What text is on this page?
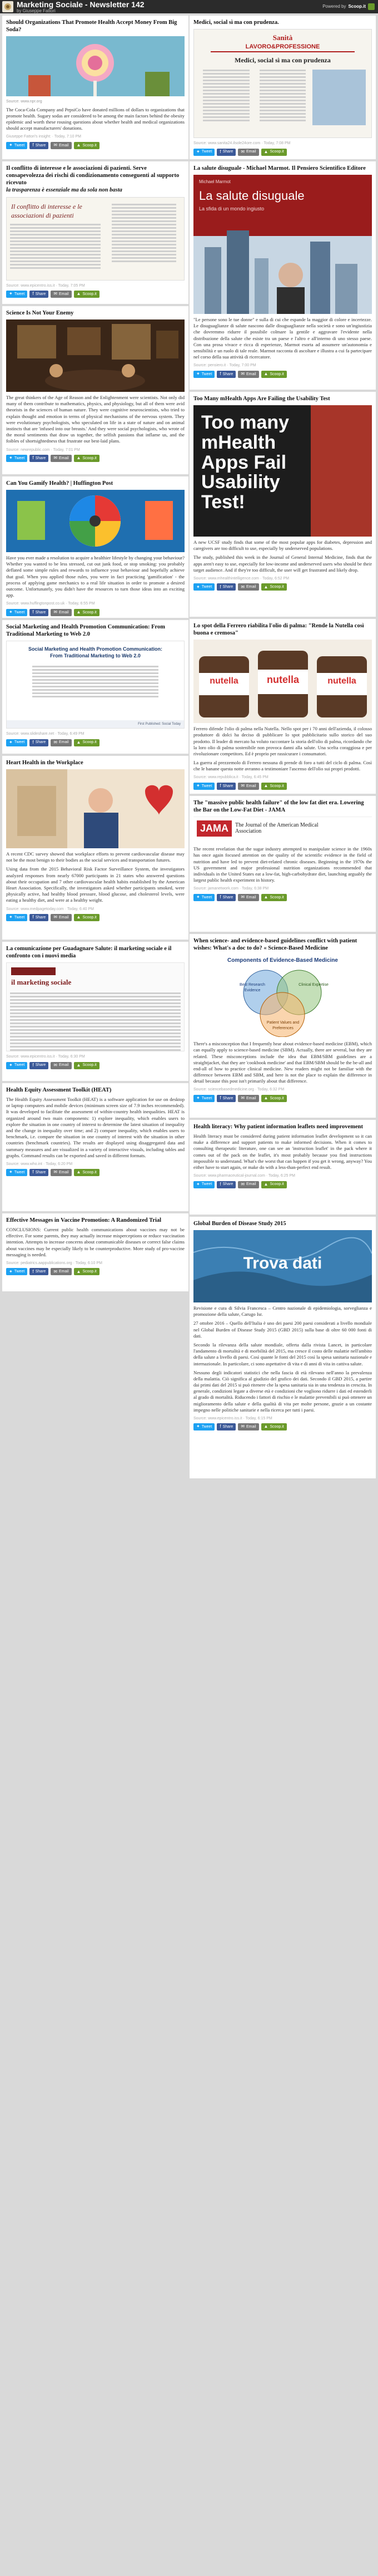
Marketing Sociale - Newsletter 142
by Giuseppe Fattori
Powered by Scoop.it
Should Organizations That Promote Health Accept Money From Big Soda?
Source: www.npr.org

The Coca-Cola Company and PepsiCo have donated millions of dollars to organizations that promote health. Sugary sodas are considered to be among the main factors behind the obesity epidemic and worth these rousing questions about whether health and medical organizations should accept manufacturers' donations.

Giuseppe Fattori's insight: · Today, 7:10 PM
✦ Tweet f Share ✉ Email ▲ Scoop.it
Il conflitto di interesse e le associazioni di pazienti. Serve consapevolezza dei rischi di condizionamento conseguenti al supporto ricevuto
la trasparenza è essenziale ma da sola non basta
Il conflitto di interesse e le associazioni di pazienti
Source: www.epicentro.iss.it · Today, 7:05 PM
✦ Tweet f Share ✉ Email ▲ Scoop.it
Science Is Not Your Enemy

The great thinkers of the Age of Reason and the Enlightenment were scientists. Not only did many of them contribute to mathematics, physics, and physiology, but all of them were avid theorists in the sciences of human nature. They were cognitive neuroscientists, who tried to explain thought and emotion in terms of physical mechanisms of the nervous system. They were evolutionary psychologists, who speculated on life in a state of nature and on animal instincts that are 'infused into our breasts.' And they were social psychologists, who wrote of the moral sentiments that draw us together, the selfish passions that inflame us, and the foibles of shortsightedness that frustrate our best-laid plans.

Source: newrepublic.com · Today, 7:01 PM
✦ Tweet f Share ✉ Email ▲ Scoop.it
Can You Gamify Health? | Huffington Post

Have you ever made a resolution to acquire a healthier lifestyle by changing your behaviour? Whether you wanted to be less stressed, cut out junk food, or stop smoking: you probably deflated some simple rules and rewards to influence your behaviour and hopefully achieve that goal. When you applied those rules, you were in fact practicing 'gamification' - the process of applying game mechanics to a real life situation in order to promote a desired outcome. Unfortunately, you didn't have the resources to turn those ideas into an exciting app.

Source: www.huffingtonpost.co.uk · Today, 6:55 PM
✦ Tweet f Share ✉ Email ▲ Scoop.it
Social Marketing and Health Promotion Communication: From Traditional Marketing to Web 2.0
Social Marketing and Health Promotion Communication: From Traditional Marketing to Web 2.0
First Published: Social Today
Source: www.slideshare.net · Today, 6:49 PM
✦ Tweet f Share ✉ Email ▲ Scoop.it
Heart Health in the Workplace

A recent CDC survey showed that workplace efforts to prevent cardiovascular disease may not be the most benign to their bodies as the social services and transportation futures.

Using data from the 2015 Behavioral Risk Factor Surveillance System, the investigators analyzed responses from nearly 67000 participants in 21 states who answered questions about their occupation and 7 other cardiovascular health habits established by the American Heart Association. Specifically, the investigators asked whether participants smoked, were physically active, had healthy blood pressure, blood glucose, and cholesterol levels, were eating a healthy diet, and were at a healthy weight.

Source: www.medpagetoday.com · Today, 6:40 PM
✦ Tweet f Share ✉ Email ▲ Scoop.it
La comunicazione per Guadagnare Salute: il marketing sociale e il confronto con i nuovi media
il marketing sociale
Source: www.epicentro.iss.it · Today, 6:30 PM
✦ Tweet f Share ✉ Email ▲ Scoop.it
Health Equity Assessment Toolkit (HEAT)

The Health Equity Assessment Toolkit (HEAT) is a software application for use on desktop or laptop computers and mobile devices (minimum screen size of 7.9 inches recommended). It was developed to facilitate the assessment of within-country health inequalities. HEAT is organized around two main components: 1) explore inequality, which enables users to explore the situation in one country of interest to determine the latest situation of inequality and the change in inequality over time; and 2) compare inequality, which enables users to benchmark, i.e. compare the situation in one country of interest with the situation in other countries (benchmark countries). The results are displayed using disaggregated data and summary measures and are visualized in a variety of interactive visuals, including tables and graphs. Command results can be exported and saved in different formats.

Source: www.who.int · Today, 6:20 PM
✦ Tweet f Share ✉ Email ▲ Scoop.it
Effective Messages in Vaccine Promotion: A Randomized Trial

CONCLUSIONS: Current public health communications about vaccines may not be effective. For some parents, they may actually increase misperceptions or reduce vaccination intention. Attempts to increase concerns about communicable diseases or correct false claims about vaccines may be especially likely to be counterproductive. More study of pro-vaccine messaging is needed.

Source: pediatrics.aappublications.org · Today, 6:10 PM
✦ Tweet f Share ✉ Email ▲ Scoop.it
Medici, social sì ma con prudenza.
Sanità
LAVORO&PROFESSIONE
Medici, social sì ma con prudenza
Source: www.sanita24.ilsole24ore.com · Today, 7:08 PM
✦ Tweet f Share ✉ Email ▲ Scoop.it
La salute disuguale - Michael Marmot. Il Pensiero Scientifico Editore
Michael Marmot
La salute disuguale
La sfida di un mondo ingiusto

"Le persone sono le tue donne" e sulla di cui che espande la maggior di colore e incertezze. Le disuguaglianze di salute nascono dalle disuguaglianze nella società e sono un'ingiustizia che dovremmo ridurre il possibile colmare la gentile e aggravare l'evidente nella distribuzione della salute che esiste tra un paese e l'altro e all'interno di uno stesso paese. Con una prosa vivace e ricca di esperienze, Marmot esorta ad assumere un'autonomia e sensibilità e un ruolo di tale reale. Marmot racconta di ascoltare e illustra a cui fa partecipare nel corso della sua attività di ricercatore.

Source: pensiero.it · Today, 7:00 PM
✦ Tweet f Share ✉ Email ▲ Scoop.it
Too Many mHealth Apps Are Failing the Usability Test
Too many mHealth Apps Fail Usability Test!

A new UCSF study finds that some of the most popular apps for diabetes, depression and caregivers are too difficult to use, especially by underserved populations.

The study, published this week in the Journal of General Internal Medicine, finds that the apps aren't easy to use, especially for low-income and underserved users who should be their target audience. And if they're too difficult, the user will get frustrated and likely drop.

Source: www.mhealthintelligence.com · Today, 6:52 PM
✦ Tweet f Share ✉ Email ▲ Scoop.it
Lo spot della Ferrero riabilita l'olio di palma: "Rende la Nutella così buona e cremosa"
nutella	nutella	nutella

Ferrero difende l'olio di palma nella Nutella. Nello spot per i 70 anni dell'azienda, il colosso produttore di dolci ha deciso di pubblicare lo spot pubblicitario sullo storico del suo prodotto. Il leader di mercato ha voluto raccontare la storia dell'olio di palma, ricordando che la loro olio di palma sostenibile non provoca danni alla salute. Una scelta coraggiosa e per rivoluzionare competitors. Ed è proprio per rassicurare i consumatori.

La guerra al prezzemolo di Ferrero nessuna di prende di foro a tutti del ciclo di palma. Così che le banane questa notte avranno a testimoniare l'ascenso dell'olio sui propri prodotti.

Source: www.repubblica.it · Today, 6:45 PM
✦ Tweet f Share ✉ Email ▲ Scoop.it
The "massive public health failure" of the low fat diet era. Lowering the Bar on the Low-Fat Diet - JAMA
JAMA	The Journal of the American Medical Association

The recent revelation that the sugar industry attempted to manipulate science in the 1960s has once again focused attention on the quality of the scientific evidence in the field of nutrition and have led to prevent diet-related chronic diseases. Beginning in the 1970s the US government and major professional nutrition organizations recommended that individuals in the United States eat a low-fat, high-carbohydrate diet, launching arguably the largest public health experiment in history.

Source: jamanetwork.com · Today, 6:38 PM
✦ Tweet f Share ✉ Email ▲ Scoop.it
When science- and evidence-based guidelines conflict with patient wishes: What's a doc to do? « Science-Based Medicine
Components of Evidence-Based Medicine
Best Research Evidence
Clinical Expertise
Patient Values and Preferences

There's a misconception that I frequently hear about evidence-based medicine (EBM), which can equally apply to science-based medicine (SBM). Actually, there are several, but they are related. These misconceptions include the idea that EBM/SBM guidelines are a straightjacket, that they are 'cookbook medicine' and that EBM/SBM should be the be-all and end-all of how to practice clinical medicine. New readers might not be familiar with the difference between EBM and SBM, and here is not the place to explain the difference in detail because this post isn't primarily about that difference.

Source: sciencebasedmedicine.org · Today, 6:32 PM
✦ Tweet f Share ✉ Email ▲ Scoop.it
Health literacy: Why patient information leaflets need improvement

Health literacy must be considered during patient information leaflet development so it can make a difference and support patients to make informed decisions. When it comes to consulting therapeutic literature, one can see an 'instruction leaflet' in the pack where it comes out of the pack on the leaflet, it's most probably because you find instructions impossible to understand. What's the worst that can happen if you get it wrong, anyway? You either have to start again, or make do with a less-than-perfect end result.

Source: www.pharmaceutical-journal.com · Today, 6:25 PM
✦ Tweet f Share ✉ Email ▲ Scoop.it
Global Burden of Disease Study 2015
Trova dati

Revisione e cura di Silvia Francesca – Centro nazionale di epidemiologia, sorveglianza e promozione della salute, Carugo Isr.

27 ottobre 2016 – Quello dell'Italia è uno dei paesi 200 paesi considerati a livello mondiale nel Global Burden of Disease Study 2015 (GBD 2015) sulla base di oltre 60 000 fonti di dati.

Secondo la rilevanza della salute mondiale, offerta dalla rivista Lancet, in particolare l'andamento di mortalità e di morbilità del 2015, ma cresce il costo delle malattie nell'ambito della salute a livello di paesi. Così quante le fonti del 2015 così la spesa sanitaria nazionale e internazionale. In particolare, ci sono aspettative di vita e di anni di vita in cattiva salute.

Nessuno degli indicatori statistici che nella fascia di età rilevano nell'anno la prevalenza della malattia. Ciò significa al giudizio del grafico dei dati. Secondo il GBD 2015, a partire dai primi dati del 2015 si può ritenere che la spesa sanitaria sia in una tendenza in crescita. In generale, condizioni legate a diverse età e condizioni che vogliono ridurre i dati ed estenderli al grado di mortalità. Riducendo i fattori di rischio e le malattie prevenibili si può ottenere un miglioramento della salute e della qualità di vita per molte persone, grazie a un costante impegno nelle politiche sanitarie e nella ricerca per tutti i paesi.

Source: www.epicentro.iss.it · Today, 6:15 PM
✦ Tweet f Share ✉ Email ▲ Scoop.it
